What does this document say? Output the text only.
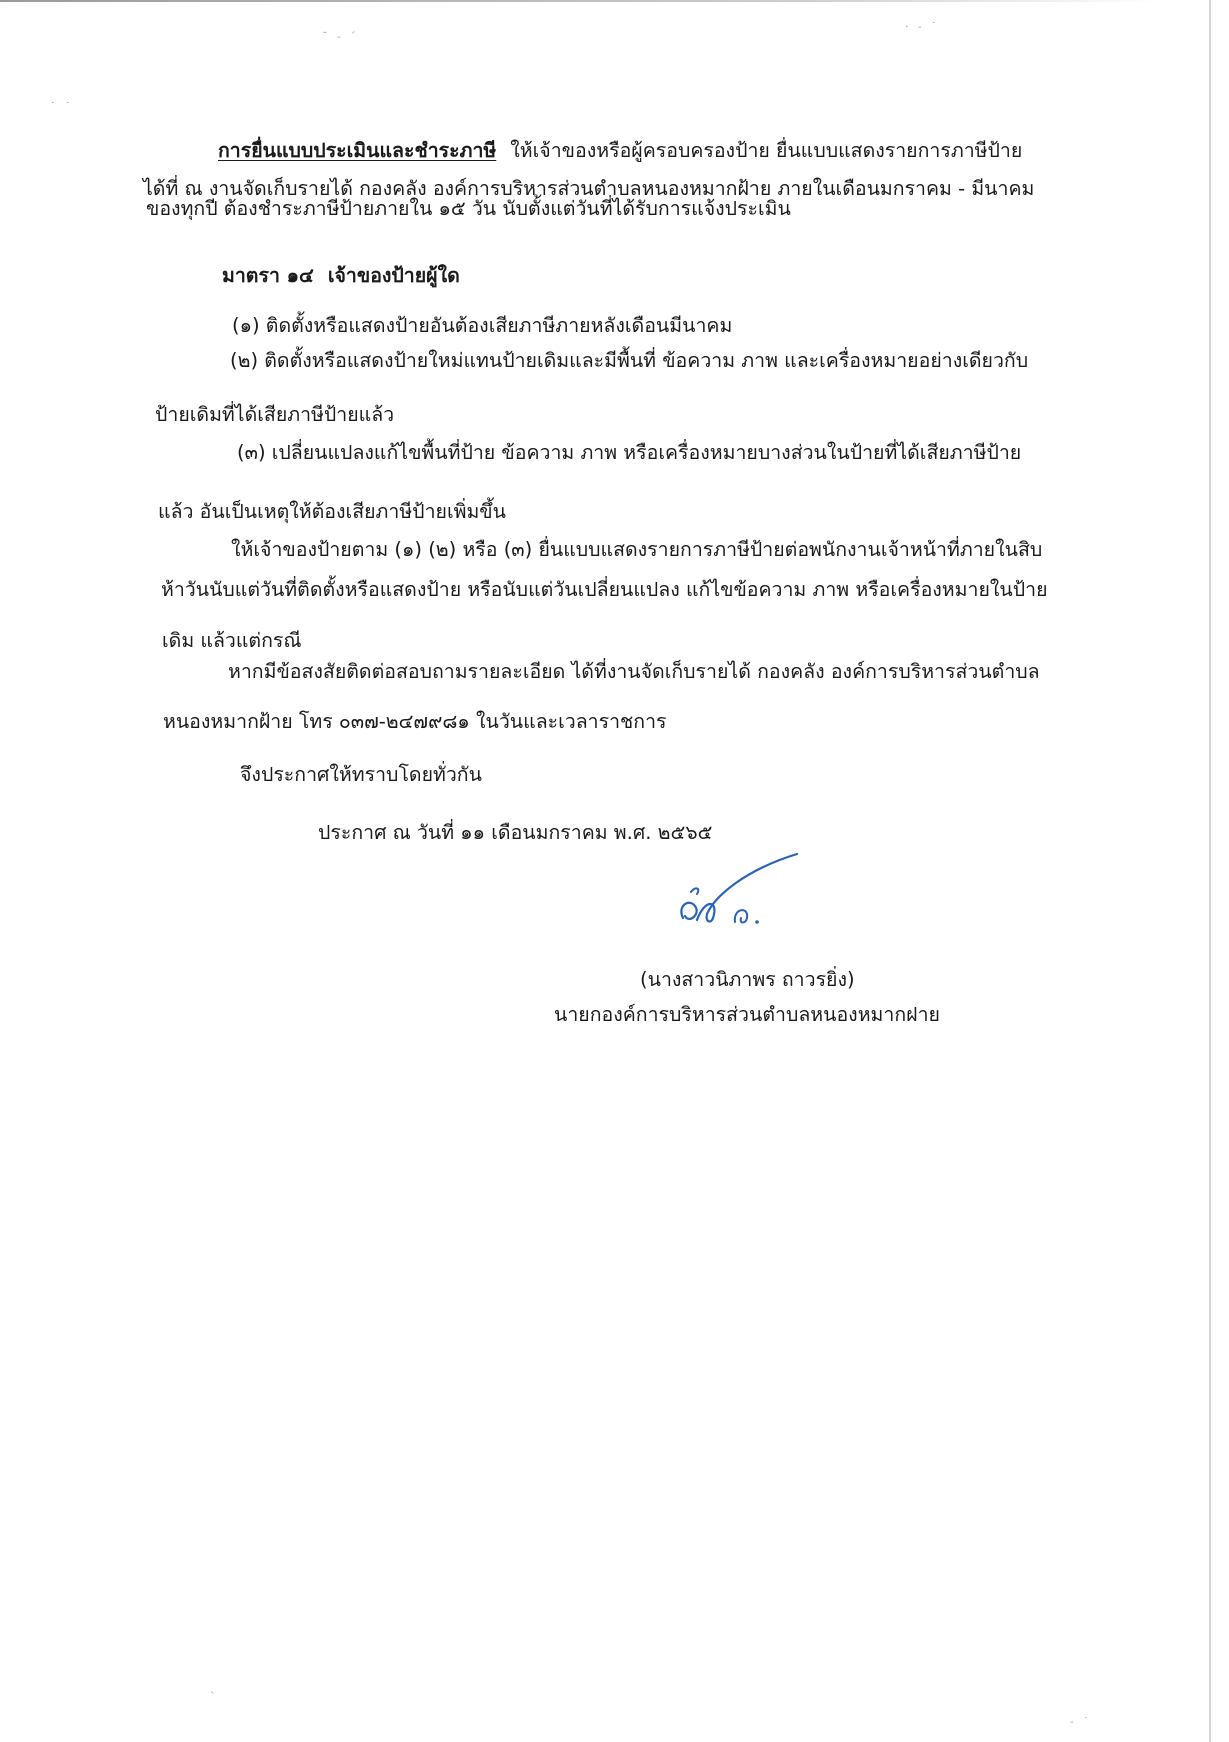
˘ ˗ ˊ
· ˗ ˙
˙ ˙
˗ ˙
ˋ
การยื่นแบบประเมินและชำระภาษี ให้เจ้าของหรือผู้ครอบครองป้าย ยื่นแบบแสดงรายการภาษีป้าย
ได้ที่ ณ งานจัดเก็บรายได้ กองคลัง องค์การบริหารส่วนตำบลหนองหมากฝ้าย ภายในเดือนมกราคม - มีนาคม
ของทุกปี ต้องชำระภาษีป้ายภายใน ๑๕ วัน นับตั้งแต่วันที่ได้รับการแจ้งประเมิน
มาตรา ๑๔ เจ้าของป้ายผู้ใด
(๑) ติดตั้งหรือแสดงป้ายอันต้องเสียภาษีภายหลังเดือนมีนาคม
(๒) ติดตั้งหรือแสดงป้ายใหม่แทนป้ายเดิมและมีพื้นที่ ข้อความ ภาพ และเครื่องหมายอย่างเดียวกับ
ป้ายเดิมที่ได้เสียภาษีป้ายแล้ว
(๓) เปลี่ยนแปลงแก้ไขพื้นที่ป้าย ข้อความ ภาพ หรือเครื่องหมายบางส่วนในป้ายที่ได้เสียภาษีป้าย
แล้ว อันเป็นเหตุให้ต้องเสียภาษีป้ายเพิ่มขึ้น
ให้เจ้าของป้ายตาม (๑) (๒) หรือ (๓) ยื่นแบบแสดงรายการภาษีป้ายต่อพนักงานเจ้าหน้าที่ภายในสิบ
ห้าวันนับแต่วันที่ติดตั้งหรือแสดงป้าย หรือนับแต่วันเปลี่ยนแปลง แก้ไขข้อความ ภาพ หรือเครื่องหมายในป้าย
เดิม แล้วแต่กรณี
หากมีข้อสงสัยติดต่อสอบถามรายละเอียด ได้ที่งานจัดเก็บรายได้ กองคลัง องค์การบริหารส่วนตำบล
หนองหมากฝ้าย โทร ๐๓๗-๒๔๗๙๘๑ ในวันและเวลาราชการ
จึงประกาศให้ทราบโดยทั่วกัน
ประกาศ ณ วันที่ ๑๑ เดือนมกราคม พ.ศ. ๒๕๖๕
(นางสาวนิภาพร ถาวรยิ่ง)
นายกองค์การบริหารส่วนตำบลหนองหมากฝาย
